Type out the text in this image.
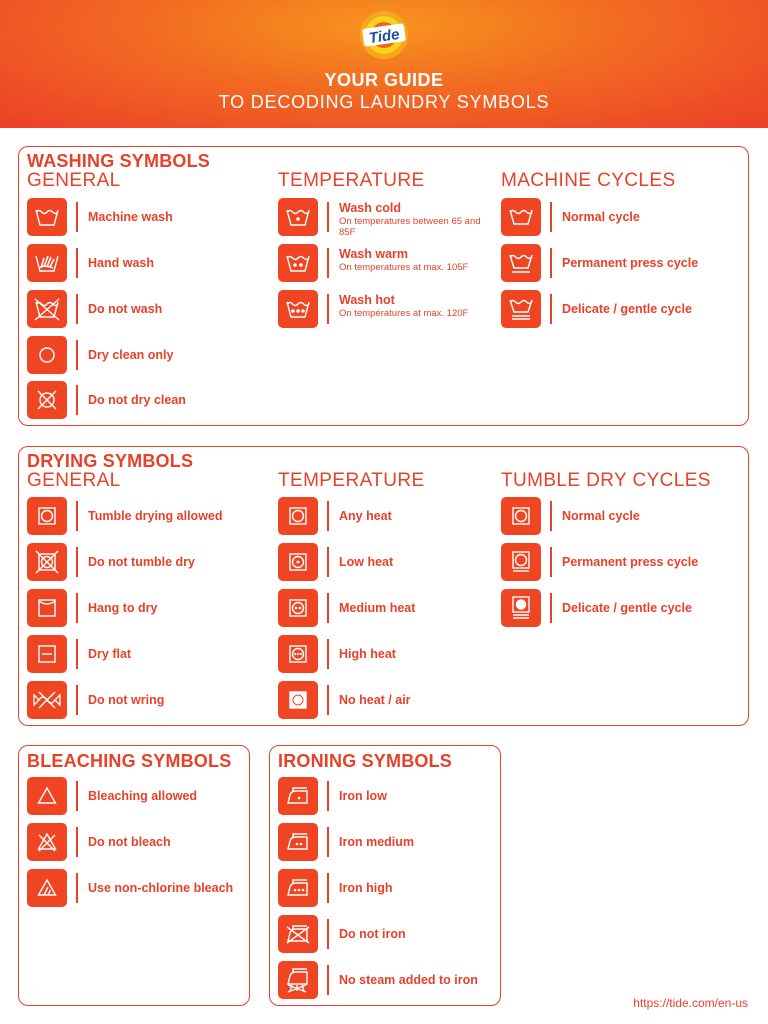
Tide
YOUR GUIDE
TO DECODING LAUNDRY SYMBOLS
WASHING SYMBOLS
GENERAL	TEMPERATURE	MACHINE CYCLES
Machine wash
Hand wash
Do not wash
Dry clean only
Do not dry clean
Wash cold
On temperatures between 65 and 85F
Wash warm
On temperatures at max. 105F
Wash hot
On temperatures at max. 120F
Normal cycle
Permanent press cycle
Delicate / gentle cycle
DRYING SYMBOLS
GENERAL	TEMPERATURE	TUMBLE DRY CYCLES
Tumble drying allowed
Do not tumble dry
Hang to dry
Dry flat
Do not wring
Any heat
Low heat
Medium heat
High heat
No heat / air
Normal cycle
Permanent press cycle
Delicate / gentle cycle
BLEACHING SYMBOLS
Bleaching allowed
Do not bleach
Use non-chlorine bleach
IRONING SYMBOLS
Iron low
Iron medium
Iron high
Do not iron
No steam added to iron
https://tide.com/en-us
